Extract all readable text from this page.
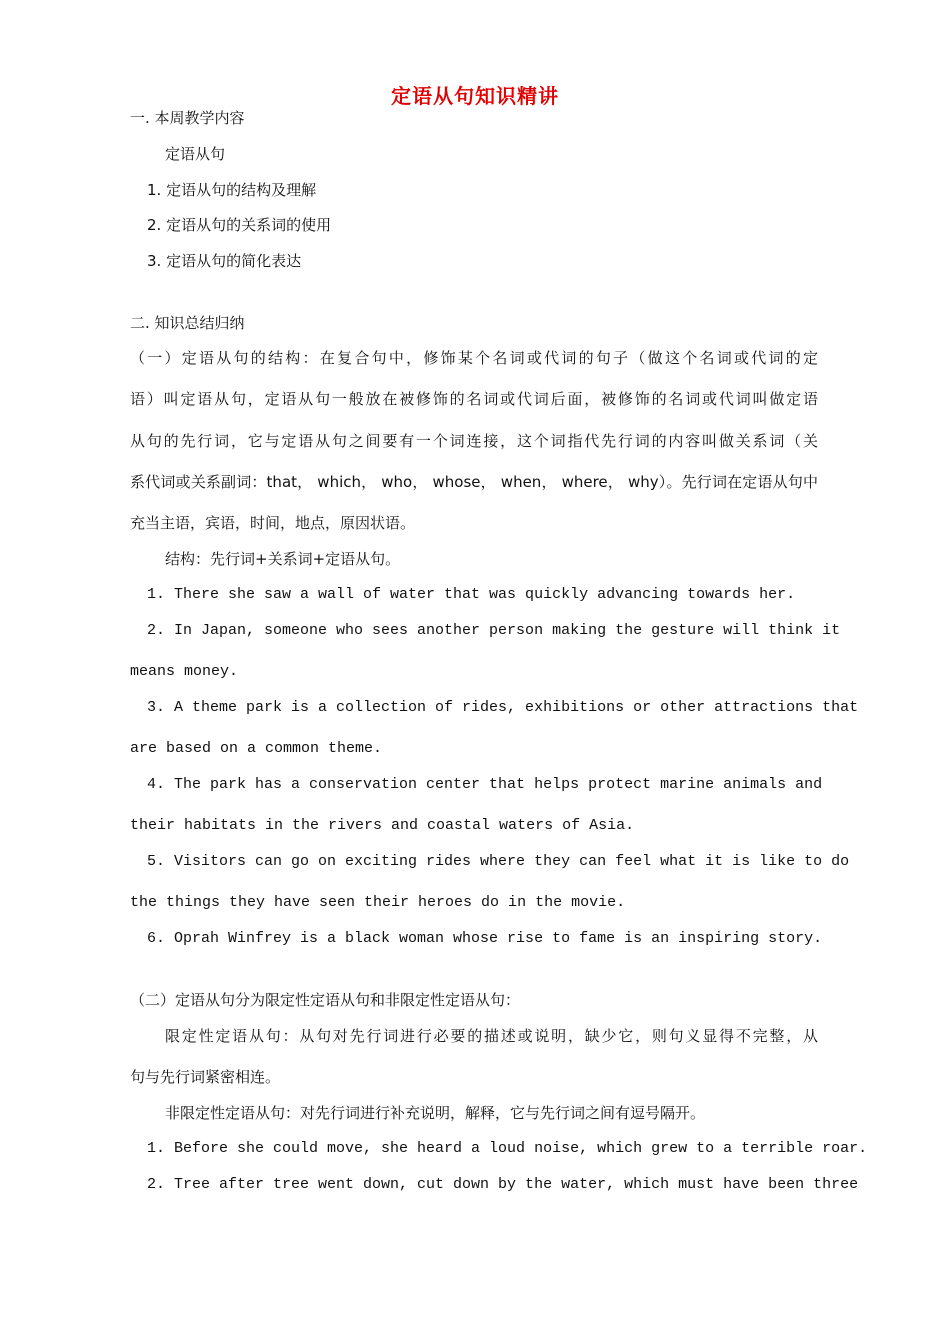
定语从句知识精讲
一. 本周教学内容
定语从句
1. 定语从句的结构及理解
2. 定语从句的关系词的使用
3. 定语从句的简化表达
二. 知识总结归纳
（一）定语从句的结构：在复合句中，修饰某个名词或代词的句子（做这个名词或代词的定
语）叫定语从句，定语从句一般放在被修饰的名词或代词后面，被修饰的名词或代词叫做定语
从句的先行词，它与定语从句之间要有一个词连接，这个词指代先行词的内容叫做关系词（关
系代词或关系副词：that， which， who， whose， when， where， why）。先行词在定语从句中
充当主语，宾语，时间，地点，原因状语。
结构：先行词+关系词+定语从句。
1. There she saw a wall of water that was quickly advancing towards her.
2. In Japan, someone who sees another person making the gesture will think it
means money.
3. A theme park is a collection of rides, exhibitions or other attractions that
are based on a common theme.
4. The park has a conservation center that helps protect marine animals and
their habitats in the rivers and coastal waters of Asia.
5. Visitors can go on exciting rides where they can feel what it is like to do
the things they have seen their heroes do in the movie.
6. Oprah Winfrey is a black woman whose rise to fame is an inspiring story.
（二）定语从句分为限定性定语从句和非限定性定语从句：
限定性定语从句：从句对先行词进行必要的描述或说明，缺少它，则句义显得不完整，从
句与先行词紧密相连。
非限定性定语从句：对先行词进行补充说明，解释，它与先行词之间有逗号隔开。
1. Before she could move, she heard a loud noise, which grew to a terrible roar.
2. Tree after tree went down, cut down by the water, which must have been three
